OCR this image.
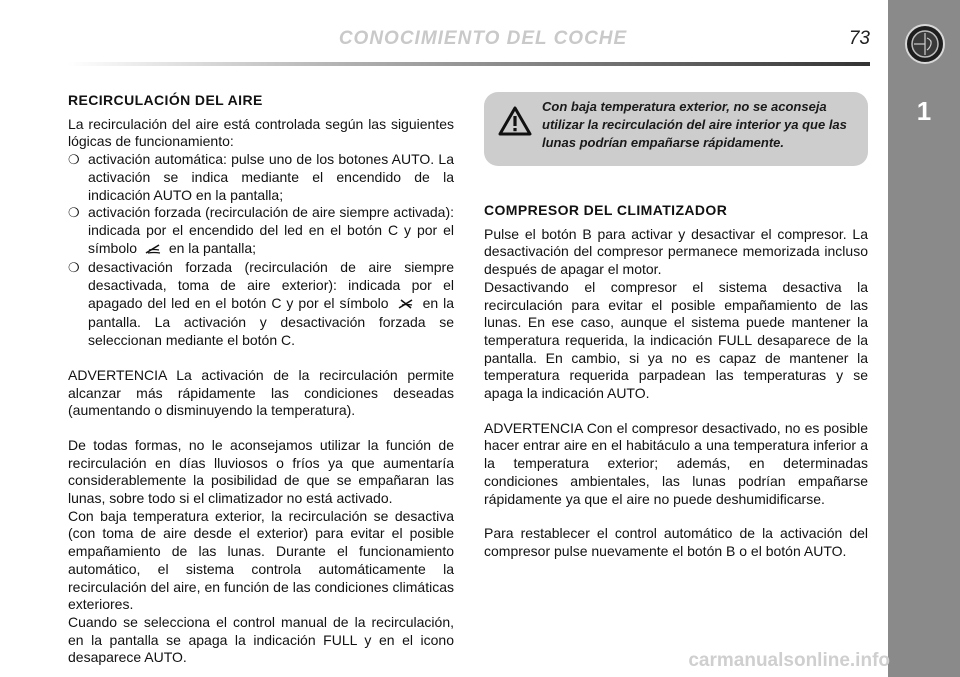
CONOCIMIENTO DEL COCHE	73
1
RECIRCULACIÓN DEL AIRE

La recirculación del aire está controlada según las siguientes lógicas de funcionamiento:

❍ activación automática: pulse uno de los botones AUTO. La activación se indica mediante el encendido de la indicación AUTO en la pantalla;
❍ activación forzada (recirculación de aire siempre activada): indicada por el encendido del led en el botón C y por el símbolo en la pantalla;
❍ desactivación forzada (recirculación de aire siempre desactivada, toma de aire exterior): indicada por el apagado del led en el botón C y por el símbolo en la pantalla. La activación y desactivación forzada se seleccionan mediante el botón C.

ADVERTENCIA La activación de la recirculación permite alcanzar más rápidamente las condiciones deseadas (aumentando o disminuyendo la temperatura).

De todas formas, no le aconsejamos utilizar la función de recirculación en días lluviosos o fríos ya que aumentaría considerablemente la posibilidad de que se empañaran las lunas, sobre todo si el climatizador no está activado.

Con baja temperatura exterior, la recirculación se desactiva (con toma de aire desde el exterior) para evitar el posible empañamiento de las lunas. Durante el funcionamiento automático, el sistema controla automáticamente la recirculación del aire, en función de las condiciones climáticas exteriores.

Cuando se selecciona el control manual de la recirculación, en la pantalla se apaga la indicación FULL y en el icono desaparece AUTO.

Con baja temperatura exterior, no se aconseja utilizar la recirculación del aire interior ya que las lunas podrían empañarse rápidamente.
COMPRESOR DEL CLIMATIZADOR

Pulse el botón B para activar y desactivar el compresor. La desactivación del compresor permanece memorizada incluso después de apagar el motor.

Desactivando el compresor el sistema desactiva la recirculación para evitar el posible empañamiento de las lunas. En ese caso, aunque el sistema puede mantener la temperatura requerida, la indicación FULL desaparece de la pantalla. En cambio, si ya no es capaz de mantener la temperatura requerida parpadean las temperaturas y se apaga la indicación AUTO.

ADVERTENCIA Con el compresor desactivado, no es posible hacer entrar aire en el habitáculo a una temperatura inferior a la temperatura exterior; además, en determinadas condiciones ambientales, las lunas podrían empañarse rápidamente ya que el aire no puede deshumidificarse.

Para restablecer el control automático de la activación del compresor pulse nuevamente el botón B o el botón AUTO.

carmanualsonline.info
